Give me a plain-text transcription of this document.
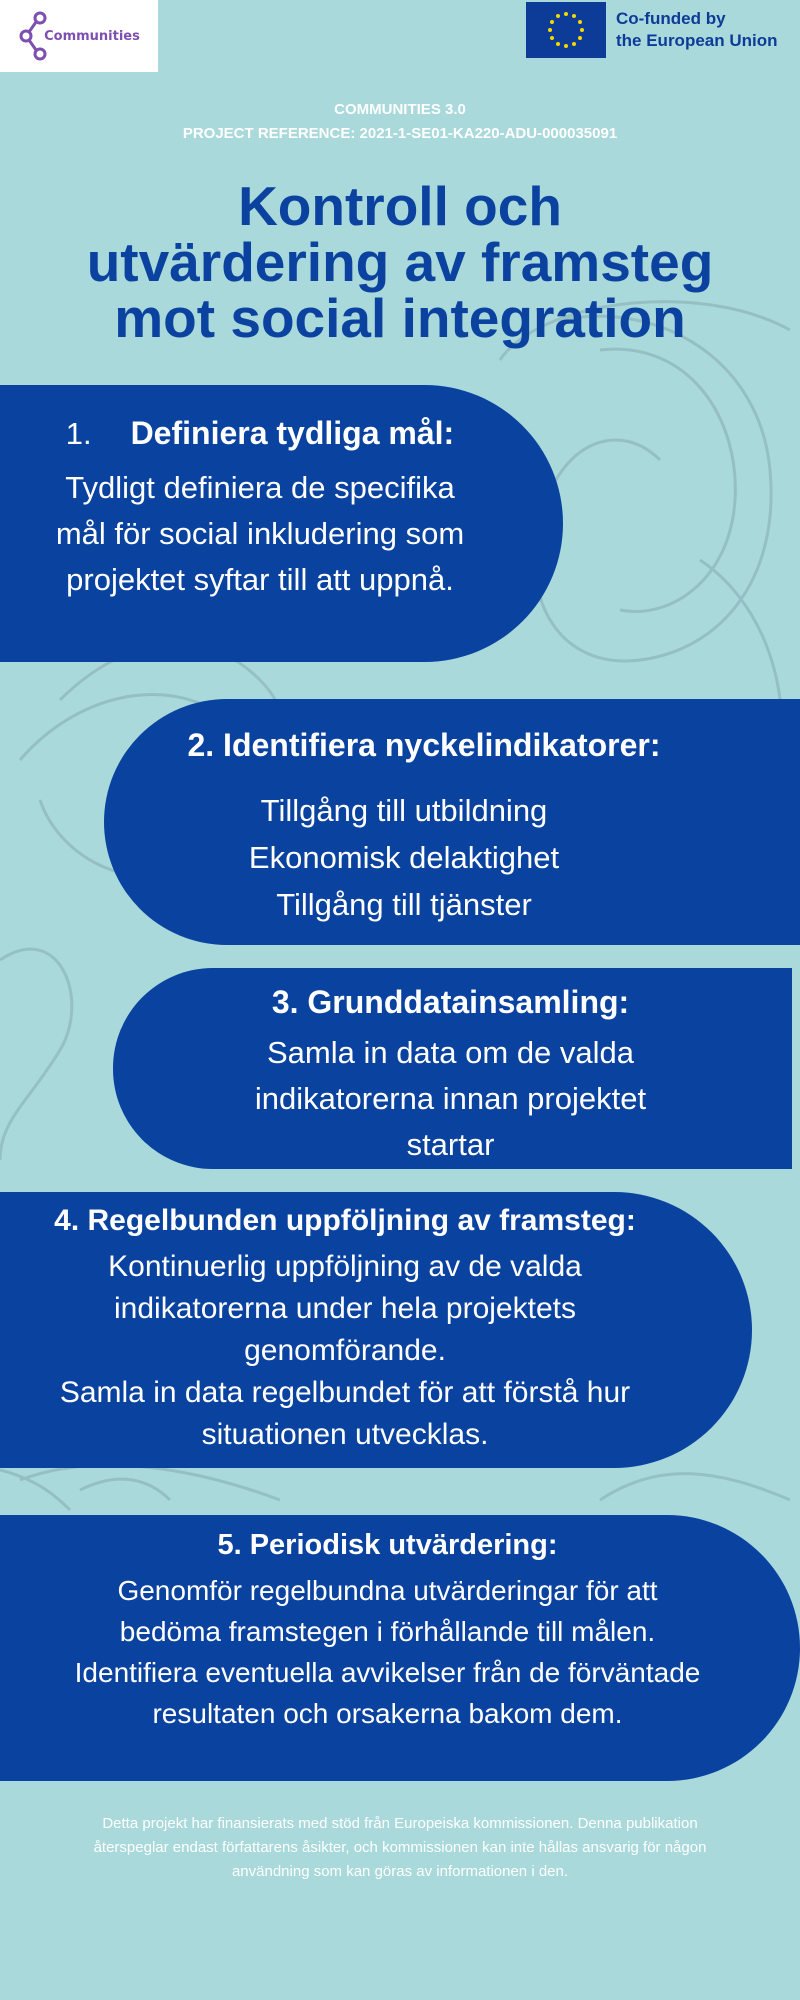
Communities
Co-funded by
the European Union
COMMUNITIES 3.0
PROJECT REFERENCE: 2021-1-SE01-KA220-ADU-000035091
Kontroll och
utvärdering av framsteg
mot social integration
1. Definiera tydliga mål:
Tydligt definiera de specifika
mål för social inkludering som
projektet syftar till att uppnå.
2. Identifiera nyckelindikatorer:
Tillgång till utbildning
Ekonomisk delaktighet
Tillgång till tjänster
3. Grunddatainsamling:
Samla in data om de valda
indikatorerna innan projektet
startar
4. Regelbunden uppföljning av framsteg:
Kontinuerlig uppföljning av de valda
indikatorerna under hela projektets
genomförande.
Samla in data regelbundet för att förstå hur
situationen utvecklas.
5. Periodisk utvärdering:
Genomför regelbundna utvärderingar för att
bedöma framstegen i förhållande till målen.
Identifiera eventuella avvikelser från de förväntade
resultaten och orsakerna bakom dem.
Detta projekt har finansierats med stöd från Europeiska kommissionen. Denna publikation
återspeglar endast författarens åsikter, och kommissionen kan inte hållas ansvarig för någon
användning som kan göras av informationen i den.
